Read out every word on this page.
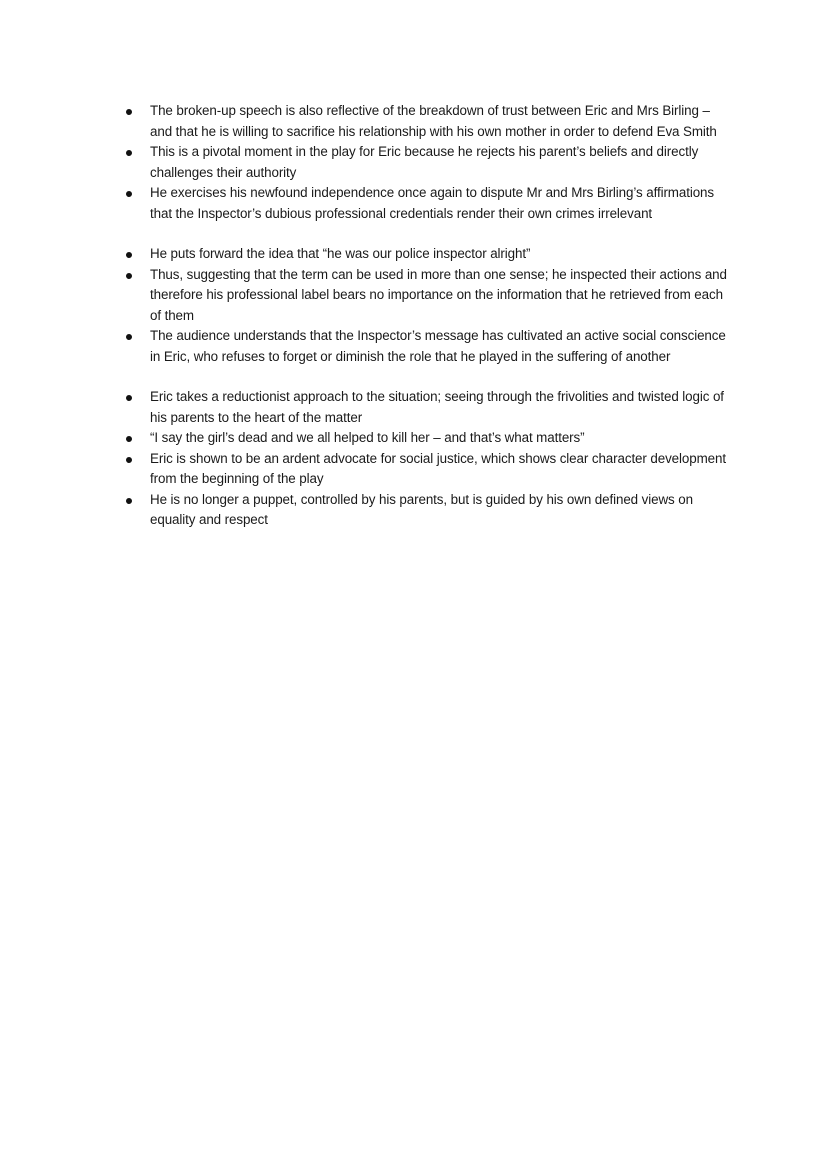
The broken-up speech is also reflective of the breakdown of trust between Eric and Mrs Birling – and that he is willing to sacrifice his relationship with his own mother in order to defend Eva Smith
This is a pivotal moment in the play for Eric because he rejects his parent’s beliefs and directly challenges their authority
He exercises his newfound independence once again to dispute Mr and Mrs Birling’s affirmations that the Inspector’s dubious professional credentials render their own crimes irrelevant
He puts forward the idea that “he was our police inspector alright”
Thus, suggesting that the term can be used in more than one sense; he inspected their actions and therefore his professional label bears no importance on the information that he retrieved from each of them
The audience understands that the Inspector’s message has cultivated an active social conscience in Eric, who refuses to forget or diminish the role that he played in the suffering of another
Eric takes a reductionist approach to the situation; seeing through the frivolities and twisted logic of his parents to the heart of the matter
“I say the girl’s dead and we all helped to kill her – and that’s what matters”
Eric is shown to be an ardent advocate for social justice, which shows clear character development from the beginning of the play
He is no longer a puppet, controlled by his parents, but is guided by his own defined views on equality and respect
